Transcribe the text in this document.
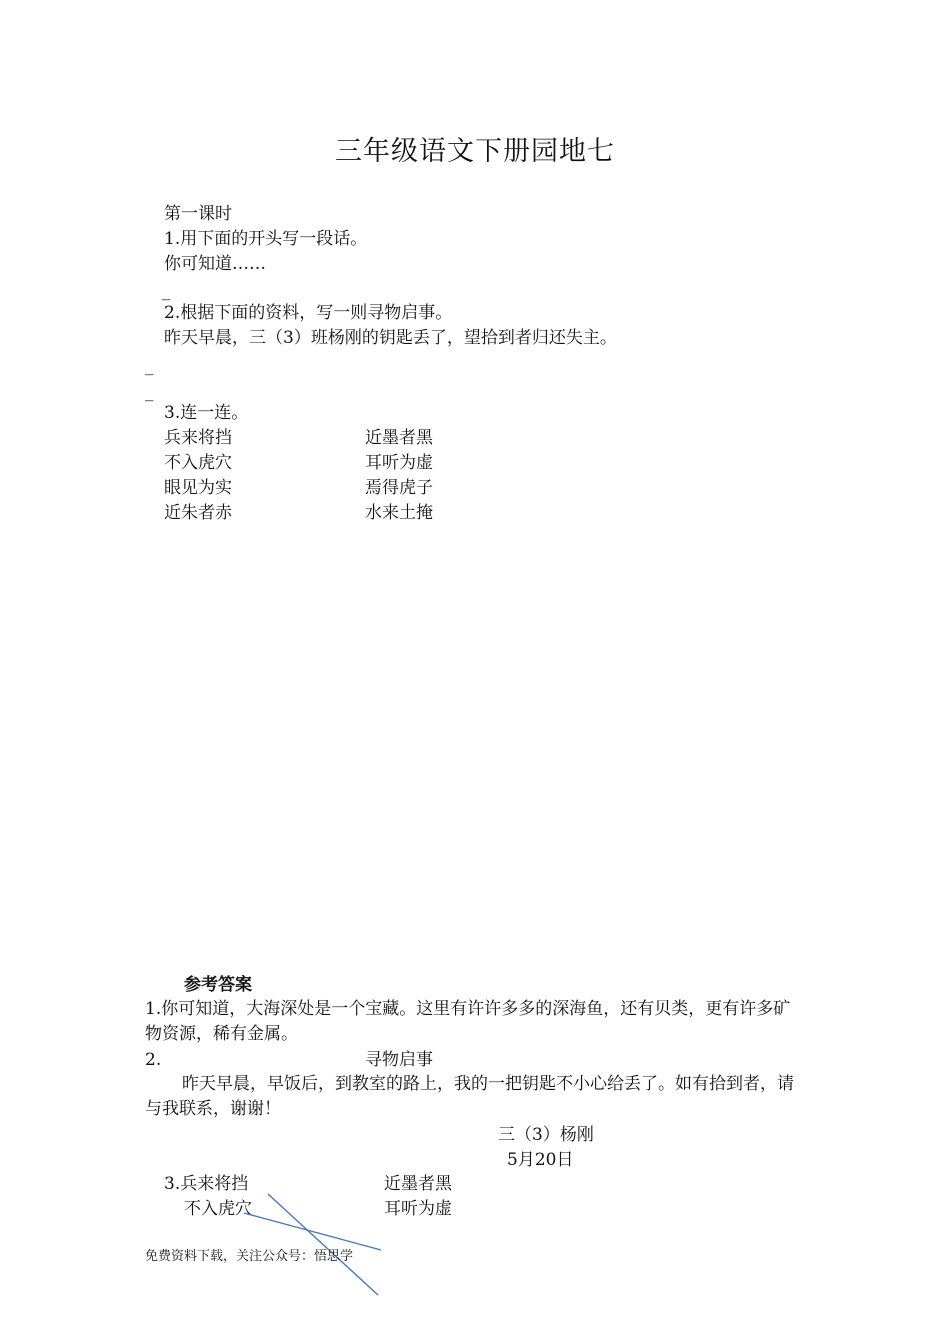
三年级语文下册园地七
第一课时
1.用下面的开头写一段话。
你可知道……
_
2.根据下面的资料，写一则寻物启事。
昨天早晨，三（3）班杨刚的钥匙丢了，望拾到者归还失主。
_
_
3.连一连。
兵来将挡	近墨者黑
不入虎穴	耳听为虚
眼见为实	焉得虎子
近朱者赤	水来土掩
参考答案
1.你可知道，大海深处是一个宝藏。这里有许许多多的深海鱼，还有贝类，更有许多矿物资源，稀有金属。
2.	寻物启事
昨天早晨，早饭后，到教室的路上，我的一把钥匙不小心给丢了。如有拾到者，请与我联系，谢谢！
三（3）杨刚
5月20日
3.兵来将挡	近墨者黑
不入虎穴	耳听为虚
免费资料下载，关注公众号：悟思学
